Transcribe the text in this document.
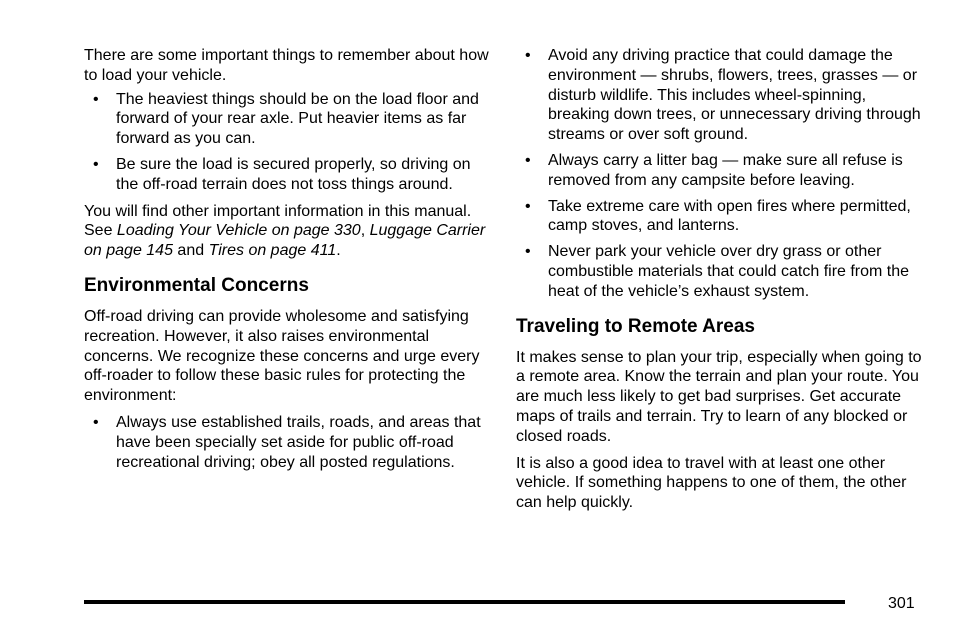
There are some important things to remember about how to load your vehicle.

• The heaviest things should be on the load floor and forward of your rear axle. Put heavier items as far forward as you can.
• Be sure the load is secured properly, so driving on the off-road terrain does not toss things around.

You will find other important information in this manual. See Loading Your Vehicle on page 330, Luggage Carrier on page 145 and Tires on page 411.

Environmental Concerns

Off-road driving can provide wholesome and satisfying recreation. However, it also raises environmental concerns. We recognize these concerns and urge every off-roader to follow these basic rules for protecting the environment:

• Always use established trails, roads, and areas that have been specially set aside for public off-road recreational driving; obey all posted regulations.
• Avoid any driving practice that could damage the environment — shrubs, flowers, trees, grasses — or disturb wildlife. This includes wheel-spinning, breaking down trees, or unnecessary driving through streams or over soft ground.
• Always carry a litter bag — make sure all refuse is removed from any campsite before leaving.
• Take extreme care with open fires where permitted, camp stoves, and lanterns.
• Never park your vehicle over dry grass or other combustible materials that could catch fire from the heat of the vehicle’s exhaust system.
Traveling to Remote Areas

It makes sense to plan your trip, especially when going to a remote area. Know the terrain and plan your route. You are much less likely to get bad surprises. Get accurate maps of trails and terrain. Try to learn of any blocked or closed roads.

It is also a good idea to travel with at least one other vehicle. If something happens to one of them, the other can help quickly.

301
